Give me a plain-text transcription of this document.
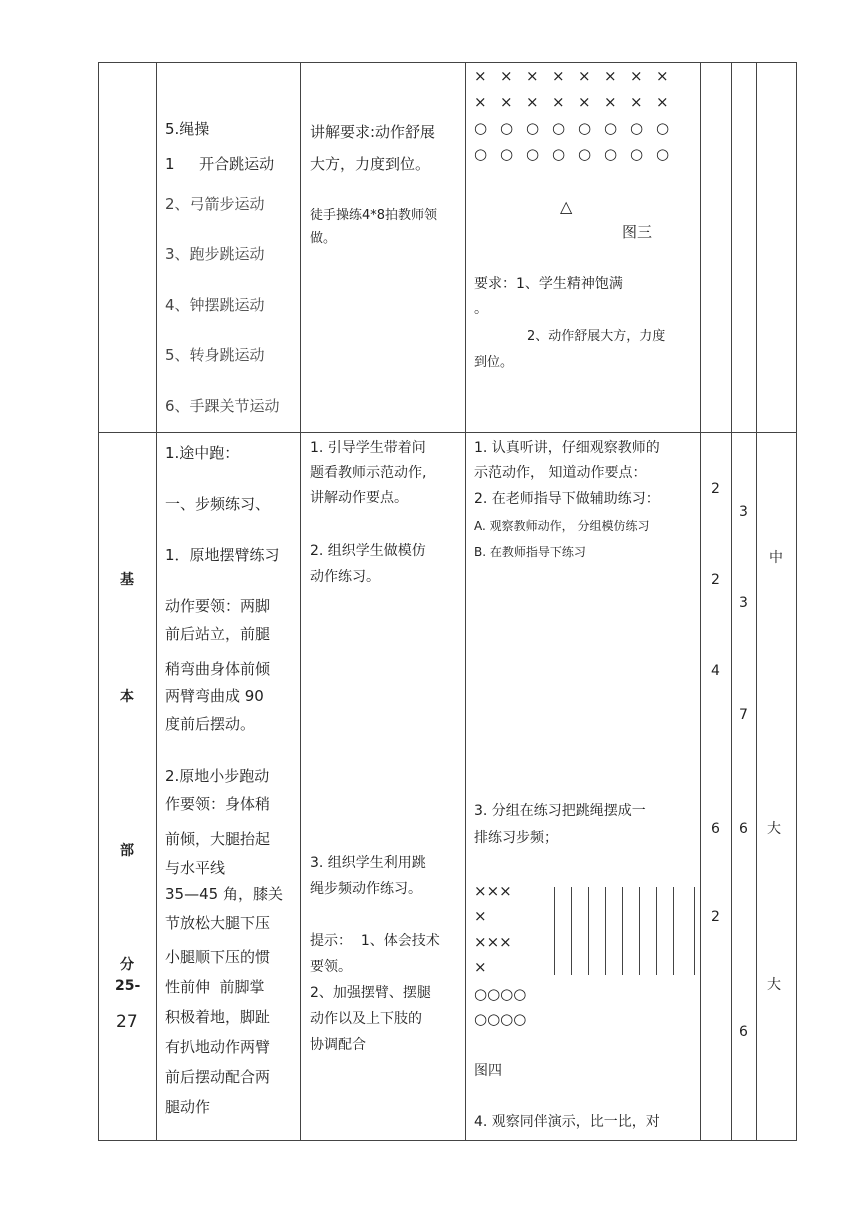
5.绳操
1  　开合跳运动
2、弓箭步运动
3、跑步跳运动
4、钟摆跳运动
5、转身跳运动
6、手踝关节运动
讲解要求:动作舒展
大方，力度到位。
徒手操练4*8拍教师领
做。
× × × × × × × ×
× × × × × × × ×
○ ○ ○ ○ ○ ○ ○ ○
○ ○ ○ ○ ○ ○ ○ ○
△
图三
要求：1、学生精神饱满
。
2、动作舒展大方，力度
到位。
基
本
部
分
25-
27
1.途中跑：
一、步频练习、
1．原地摆臂练习
动作要领：两脚
前后站立，前腿
稍弯曲身体前倾
两臂弯曲成 90
度前后摆动。
2.原地小步跑动
作要领：身体稍
前倾，大腿抬起
与水平线
35—45 角，膝关
节放松大腿下压
小腿顺下压的惯
性前伸  前脚掌
积极着地，脚趾
有扒地动作两臂
前后摆动配合两
腿动作
1. 引导学生带着问
题看教师示范动作,
讲解动作要点。
2. 组织学生做模仿
动作练习。
3. 组织学生利用跳
绳步频动作练习。
提示：  1、体会技术
要领。
2、加强摆臂、摆腿
动作以及上下肢的
协调配合
1. 认真听讲，仔细观察教师的
示范动作， 知道动作要点：
2. 在老师指导下做辅助练习：
A. 观察教师动作， 分组模仿练习
B. 在教师指导下练习
3. 分组在练习把跳绳摆成一
排练习步频；
×××
×
×××
×
○○○○
○○○○
图四
4. 观察同伴演示，比一比，对
2
2
4
6
2
3
3
7
6
6
中
大
大
